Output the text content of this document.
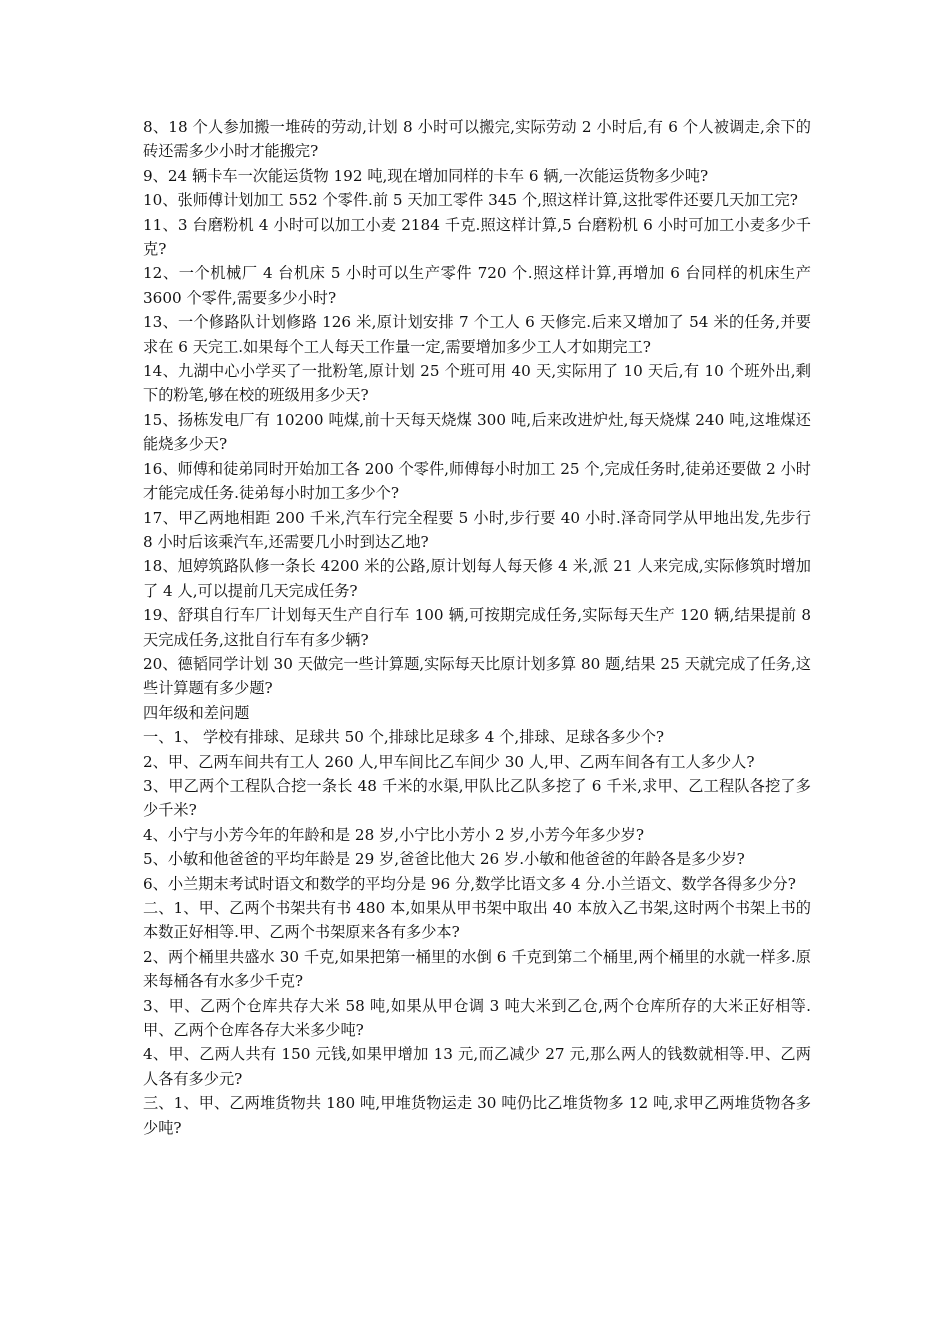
8、18 个人参加搬一堆砖的劳动,计划 8 小时可以搬完,实际劳动 2 小时后,有 6 个人被调走,余下的砖还需多少小时才能搬完?

9、24 辆卡车一次能运货物 192 吨,现在增加同样的卡车 6 辆,一次能运货物多少吨?

10、张师傅计划加工 552 个零件.前 5 天加工零件 345 个,照这样计算,这批零件还要几天加工完?

11、3 台磨粉机 4 小时可以加工小麦 2184 千克.照这样计算,5 台磨粉机 6 小时可加工小麦多少千克?

12、一个机械厂 4 台机床 5 小时可以生产零件 720 个.照这样计算,再增加 6 台同样的机床生产 3600 个零件,需要多少小时?

13、一个修路队计划修路 126 米,原计划安排 7 个工人 6 天修完.后来又增加了 54 米的任务,并要求在 6 天完工.如果每个工人每天工作量一定,需要增加多少工人才如期完工?

14、九湖中心小学买了一批粉笔,原计划 25 个班可用 40 天,实际用了 10 天后,有 10 个班外出,剩下的粉笔,够在校的班级用多少天?

15、扬栋发电厂有 10200 吨煤,前十天每天烧煤 300 吨,后来改进炉灶,每天烧煤 240 吨,这堆煤还能烧多少天?

16、师傅和徒弟同时开始加工各 200 个零件,师傅每小时加工 25 个,完成任务时,徒弟还要做 2 小时才能完成任务.徒弟每小时加工多少个?

17、甲乙两地相距 200 千米,汽车行完全程要 5 小时,步行要 40 小时.泽奇同学从甲地出发,先步行 8 小时后该乘汽车,还需要几小时到达乙地?

18、旭婷筑路队修一条长 4200 米的公路,原计划每人每天修 4 米,派 21 人来完成,实际修筑时增加了 4 人,可以提前几天完成任务?

19、舒琪自行车厂计划每天生产自行车 100 辆,可按期完成任务,实际每天生产 120 辆,结果提前 8 天完成任务,这批自行车有多少辆?

20、德韬同学计划 30 天做完一些计算题,实际每天比原计划多算 80 题,结果 25 天就完成了任务,这些计算题有多少题?

四年级和差问题

一、1、 学校有排球、足球共 50 个,排球比足球多 4 个,排球、足球各多少个?

2、甲、乙两车间共有工人 260 人,甲车间比乙车间少 30 人,甲、乙两车间各有工人多少人?

3、甲乙两个工程队合挖一条长 48 千米的水渠,甲队比乙队多挖了 6 千米,求甲、乙工程队各挖了多少千米?

4、小宁与小芳今年的年龄和是 28 岁,小宁比小芳小 2 岁,小芳今年多少岁?

5、小敏和他爸爸的平均年龄是 29 岁,爸爸比他大 26 岁.小敏和他爸爸的年龄各是多少岁?

6、小兰期末考试时语文和数学的平均分是 96 分,数学比语文多 4 分.小兰语文、数学各得多少分?

二、1、甲、乙两个书架共有书 480 本,如果从甲书架中取出 40 本放入乙书架,这时两个书架上书的本数正好相等.甲、乙两个书架原来各有多少本?

2、两个桶里共盛水 30 千克,如果把第一桶里的水倒 6 千克到第二个桶里,两个桶里的水就一样多.原来每桶各有水多少千克?

3、甲、乙两个仓库共存大米 58 吨,如果从甲仓调 3 吨大米到乙仓,两个仓库所存的大米正好相等.甲、乙两个仓库各存大米多少吨?

4、甲、乙两人共有 150 元钱,如果甲增加 13 元,而乙减少 27 元,那么两人的钱数就相等.甲、乙两人各有多少元?

三、1、甲、乙两堆货物共 180 吨,甲堆货物运走 30 吨仍比乙堆货物多 12 吨,求甲乙两堆货物各多少吨?
